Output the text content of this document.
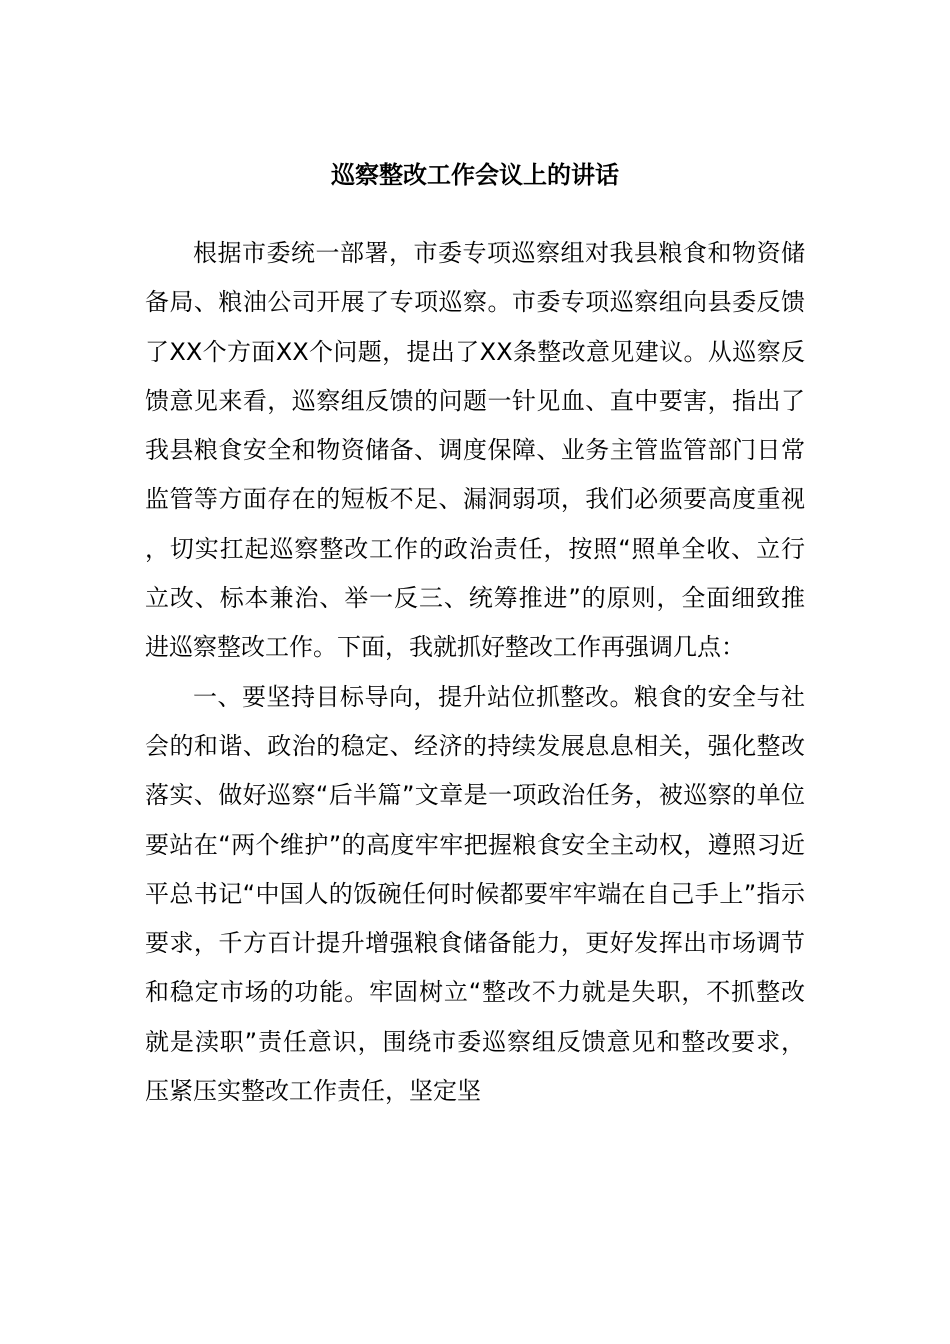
巡察整改工作会议上的讲话

根据市委统一部署，市委专项巡察组对我县粮食和物资储备局、粮油公司开展了专项巡察。市委专项巡察组向县委反馈了XX个方面XX个问题，提出了XX条整改意见建议。从巡察反馈意见来看，巡察组反馈的问题一针见血、直中要害，指出了我县粮食安全和物资储备、调度保障、业务主管监管部门日常监管等方面存在的短板不足、漏洞弱项，我们必须要高度重视，切实扛起巡察整改工作的政治责任，按照“照单全收、立行立改、标本兼治、举一反三、统筹推进”的原则，全面细致推进巡察整改工作。下面，我就抓好整改工作再强调几点：

一、要坚持目标导向，提升站位抓整改。粮食的安全与社会的和谐、政治的稳定、经济的持续发展息息相关，强化整改落实、做好巡察“后半篇”文章是一项政治任务，被巡察的单位要站在“两个维护”的高度牢牢把握粮食安全主动权，遵照习近平总书记“中国人的饭碗任何时候都要牢牢端在自己手上”指示要求，千方百计提升增强粮食储备能力，更好发挥出市场调节和稳定市场的功能。牢固树立“整改不力就是失职，不抓整改就是渎职”责任意识，围绕市委巡察组反馈意见和整改要求，压紧压实整改工作责任，坚定坚
